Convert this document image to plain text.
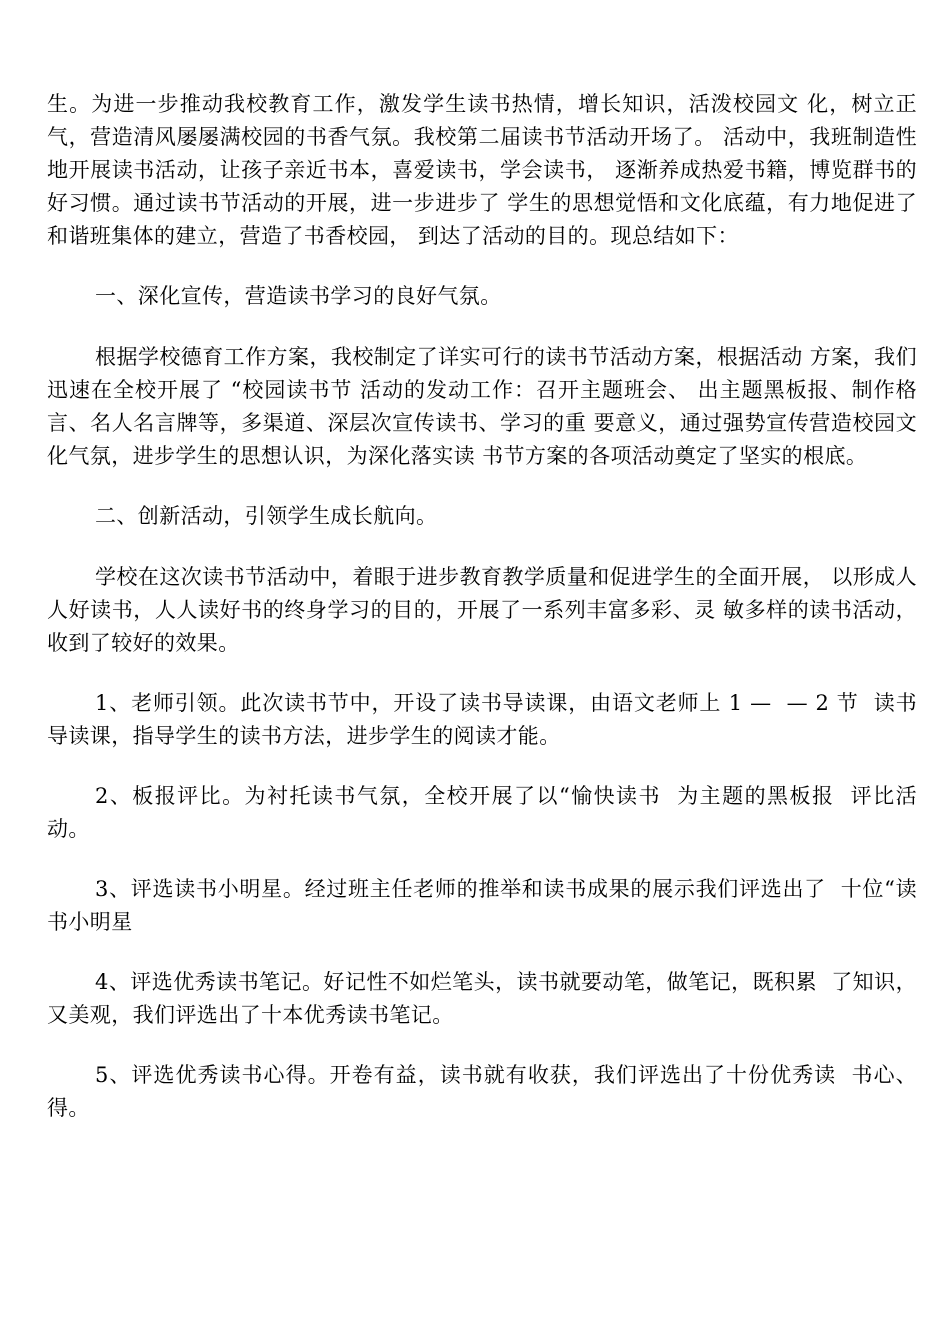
生。为进一步推动我校教育工作，激发学生读书热情，增长知识，活泼校园文 化，树立正气，营造清风屡屡满校园的书香气氛。我校第二届读书节活动开场了。 活动中，我班制造性地开展读书活动，让孩子亲近书本，喜爱读书，学会读书， 逐渐养成热爱书籍，博览群书的好习惯。通过读书节活动的开展，进一步进步了 学生的思想觉悟和文化底蕴，有力地促进了和谐班集体的建立，营造了书香校园， 到达了活动的目的。现总结如下：

一、深化宣传，营造读书学习的良好气氛。

根据学校德育工作方案，我校制定了详实可行的读书节活动方案，根据活动 方案，我们迅速在全校开展了 “校园读书节 活动的发动工作：召开主题班会、 出主题黑板报、制作格言、名人名言牌等，多渠道、深层次宣传读书、学习的重 要意义，通过强势宣传营造校园文化气氛，进步学生的思想认识，为深化落实读 书节方案的各项活动奠定了坚实的根底。

二、创新活动，引领学生成长航向。

学校在这次读书节活动中，着眼于进步教育教学质量和促进学生的全面开展， 以形成人人好读书，人人读好书的终身学习的目的，开展了一系列丰富多彩、灵 敏多样的读书活动，收到了较好的效果。

1、老师引领。此次读书节中，开设了读书导读课，由语文老师上 1 —  — 2 节  读书导读课，指导学生的读书方法，进步学生的阅读才能。

2、板报评比。为衬托读书气氛，全校开展了以“愉快读书  为主题的黑板报  评比活动。

3、评选读书小明星。经过班主任老师的推举和读书成果的展示我们评选出了  十位“读书小明星

4、评选优秀读书笔记。好记性不如烂笔头，读书就要动笔，做笔记，既积累  了知识，又美观，我们评选出了十本优秀读书笔记。

5、评选优秀读书心得。开卷有益，读书就有收获，我们评选出了十份优秀读  书心、得。
